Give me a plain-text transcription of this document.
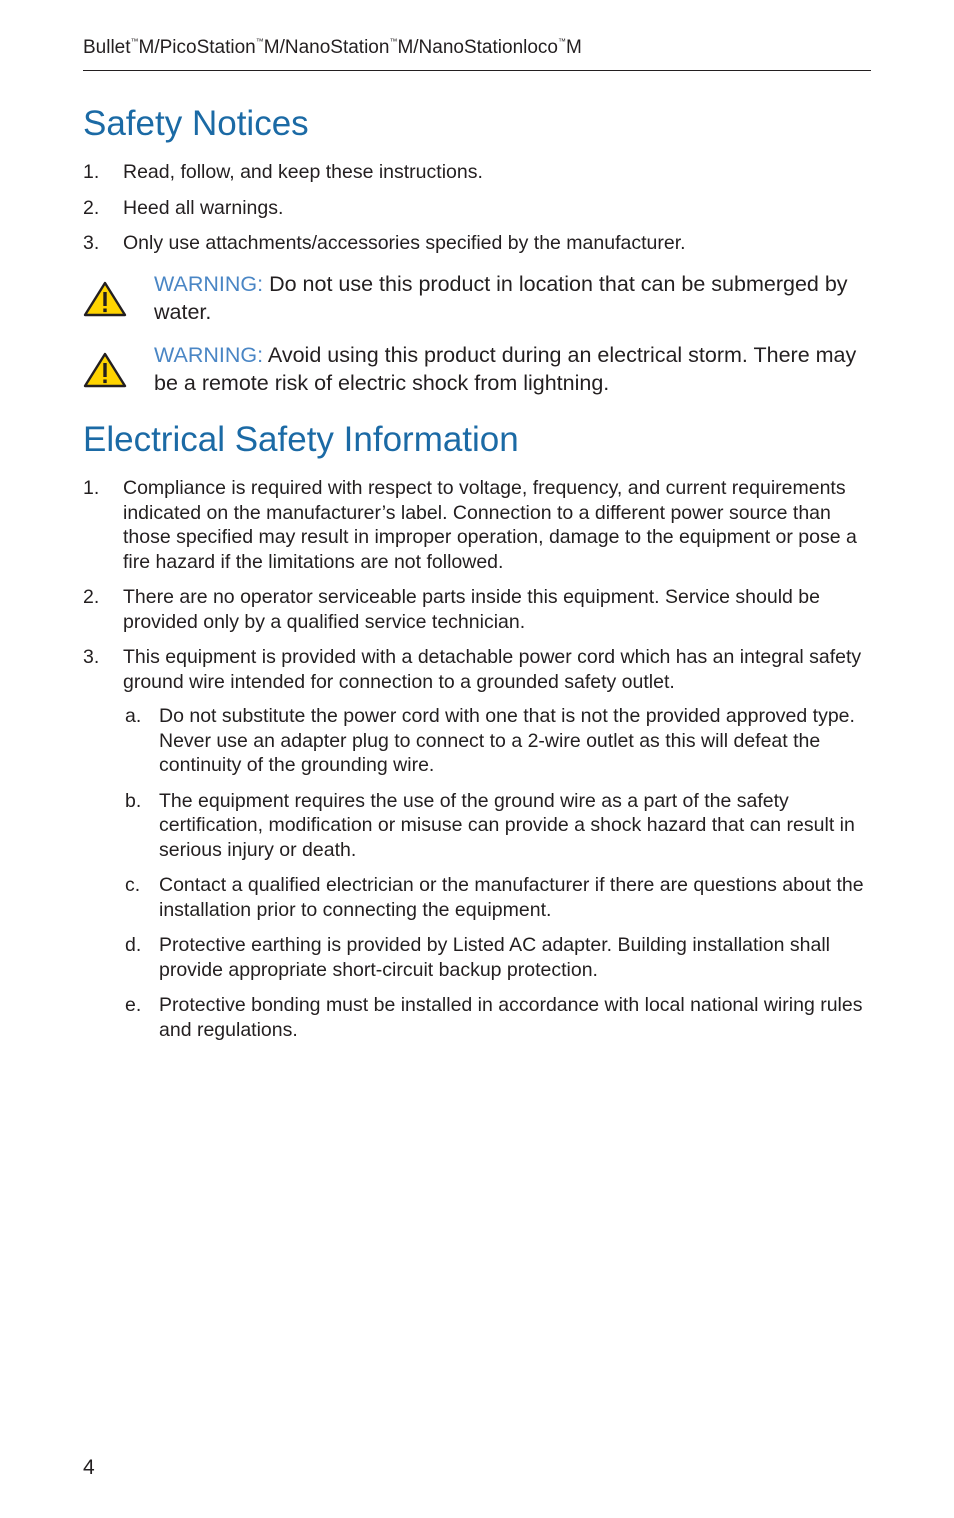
Bullet™M/PicoStation™M/NanoStation™M/NanoStationloco™M
Safety Notices
1. Read, follow, and keep these instructions.
2. Heed all warnings.
3. Only use attachments/accessories specified by the manufacturer.
WARNING: Do not use this product in location that can be submerged by water.
WARNING: Avoid using this product during an electrical storm. There may be a remote risk of electric shock from lightning.
Electrical Safety Information
1. Compliance is required with respect to voltage, frequency, and current requirements indicated on the manufacturer’s label. Connection to a different power source than those specified may result in improper operation, damage to the equipment or pose a fire hazard if the limitations are not followed.
2. There are no operator serviceable parts inside this equipment. Service should be provided only by a qualified service technician.
3. This equipment is provided with a detachable power cord which has an integral safety ground wire intended for connection to a grounded safety outlet.
a. Do not substitute the power cord with one that is not the provided approved type. Never use an adapter plug to connect to a 2-wire outlet as this will defeat the continuity of the grounding wire.
b. The equipment requires the use of the ground wire as a part of the safety certification, modification or misuse can provide a shock hazard that can result in serious injury or death.
c. Contact a qualified electrician or the manufacturer if there are questions about the installation prior to connecting the equipment.
d. Protective earthing is provided by Listed AC adapter. Building installation shall provide appropriate short-circuit backup protection.
e. Protective bonding must be installed in accordance with local national wiring rules and regulations.
4
